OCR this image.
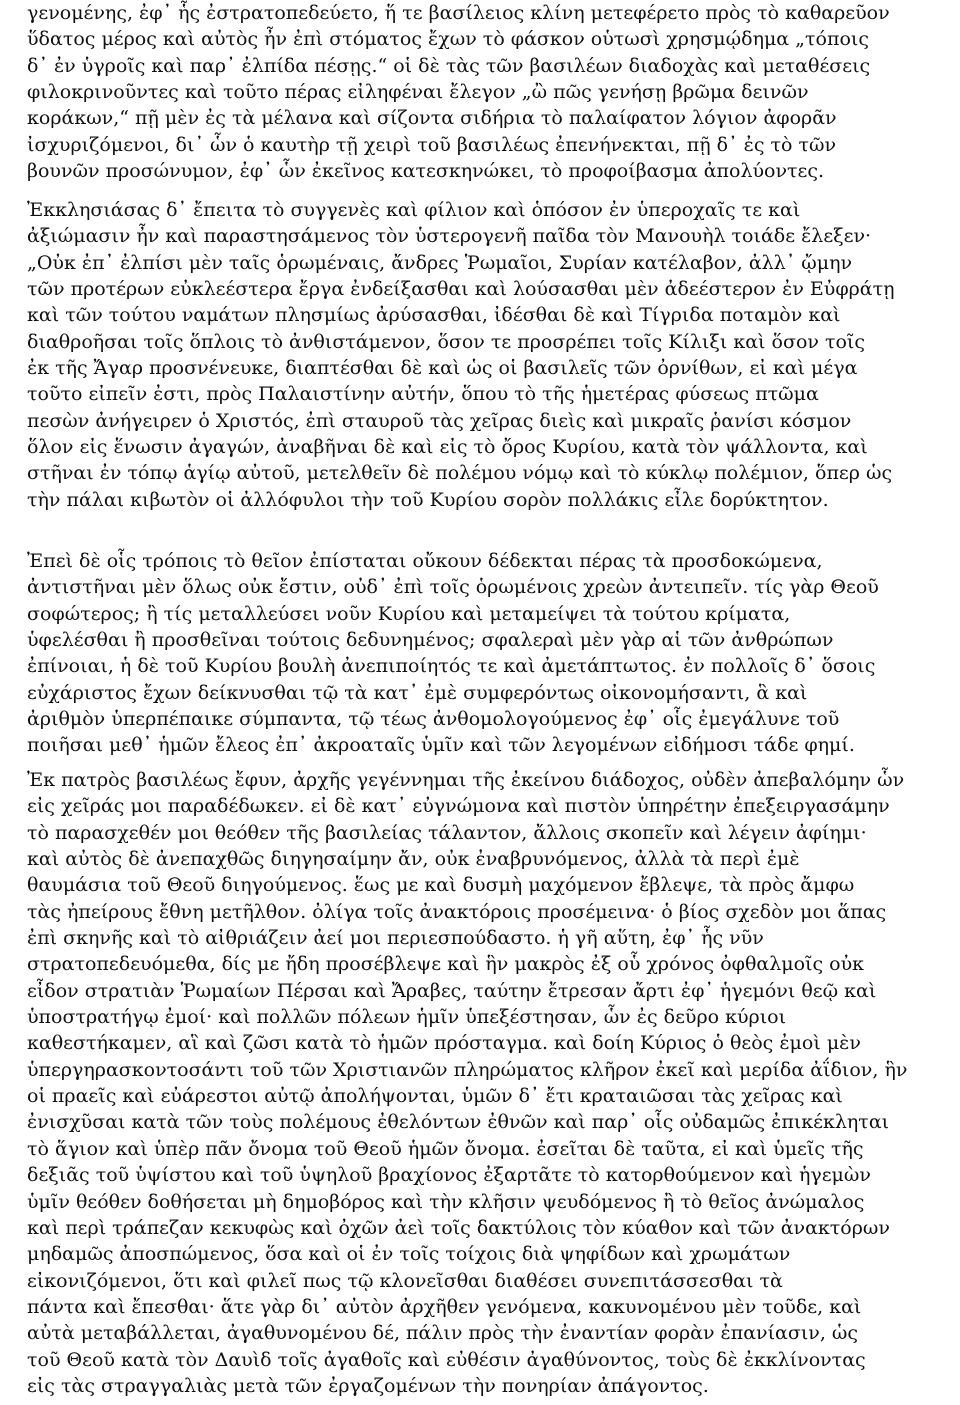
γενομένης, ἐφ᾽ ἧς ἐστρατοπεδεύετο, ἥ τε βασίλειος κλίνη μετεφέρετο πρὸς τὸ καθαρεῦον
ὕδατος μέρος καὶ αὐτὸς ἦν ἐπὶ στόματος ἔχων τὸ φάσκον οὑτωσὶ χρησμῴδημα „τόποις
δ᾽ ἐν ὑγροῖς καὶ παρ᾽ ἐλπίδα πέσῃς.“ οἱ δὲ τὰς τῶν βασιλέων διαδοχὰς καὶ μεταθέσεις
φιλοκρινοῦντες καὶ τοῦτο πέρας εἰληφέναι ἔλεγον „ὢ πῶς γενήσῃ βρῶμα δεινῶν
κοράκων,“ πῇ μὲν ἐς τὰ μέλανα καὶ σίζοντα σιδήρια τὸ παλαίφατον λόγιον ἀφορᾶν
ἰσχυριζόμενοι, δι᾽ ὧν ὁ καυτὴρ τῇ χειρὶ τοῦ βασιλέως ἐπενήνεκται, πῇ δ᾽ ἐς τὸ τῶν
βουνῶν προσώνυμον, ἐφ᾽ ὧν ἐκεῖνος κατεσκηνώκει, τὸ προφοίβασμα ἀπολύοντες.
Ἐκκλησιάσας δ᾽ ἔπειτα τὸ συγγενὲς καὶ φίλιον καὶ ὁπόσον ἐν ὑπεροχαῖς τε καὶ
ἀξιώμασιν ἦν καὶ παραστησάμενος τὸν ὑστερογενῆ παῖδα τὸν Μανουὴλ τοιάδε ἔλεξεν·
„Οὐκ ἐπ᾽ ἐλπίσι μὲν ταῖς ὁρωμέναις, ἄνδρες Ῥωμαῖοι, Συρίαν κατέλαβον, ἀλλ᾽ ᾤμην
τῶν προτέρων εὐκλεέστερα ἔργα ἐνδείξασθαι καὶ λούσασθαι μὲν ἀδεέστερον ἐν Εὐφράτῃ
καὶ τῶν τούτου ναμάτων πλησμίως ἀρύσασθαι, ἰδέσθαι δὲ καὶ Τίγριδα ποταμὸν καὶ
διαθροῆσαι τοῖς ὅπλοις τὸ ἀνθιστάμενον, ὅσον τε προσρέπει τοῖς Κίλιξι καὶ ὅσον τοῖς
ἐκ τῆς Ἄγαρ προσνένευκε, διαπτέσθαι δὲ καὶ ὡς οἱ βασιλεῖς τῶν ὀρνίθων, εἰ καὶ μέγα
τοῦτο εἰπεῖν ἐστι, πρὸς Παλαιστίνην αὐτήν, ὅπου τὸ τῆς ἡμετέρας φύσεως πτῶμα
πεσὼν ἀνήγειρεν ὁ Χριστός, ἐπὶ σταυροῦ τὰς χεῖρας διεὶς καὶ μικραῖς ῥανίσι κόσμον
ὅλον εἰς ἕνωσιν ἀγαγών, ἀναβῆναι δὲ καὶ εἰς τὸ ὄρος Κυρίου, κατὰ τὸν ψάλλοντα, καὶ
στῆναι ἐν τόπῳ ἁγίῳ αὐτοῦ, μετελθεῖν δὲ πολέμου νόμῳ καὶ τὸ κύκλῳ πολέμιον, ὅπερ ὡς
τὴν πάλαι κιβωτὸν οἱ ἀλλόφυλοι τὴν τοῦ Κυρίου σορὸν πολλάκις εἶλε δορύκτητον.
Ἐπεὶ δὲ οἷς τρόποις τὸ θεῖον ἐπίσταται οὔκουν δέδεκται πέρας τὰ προσδοκώμενα,
ἀντιστῆναι μὲν ὅλως οὐκ ἔστιν, οὐδ᾽ ἐπὶ τοῖς ὁρωμένοις χρεὼν ἀντειπεῖν. τίς γὰρ Θεοῦ
σοφώτερος; ἢ τίς μεταλλεύσει νοῦν Κυρίου καὶ μεταμείψει τὰ τούτου κρίματα,
ὑφελέσθαι ἢ προσθεῖναι τούτοις δεδυνημένος; σφαλεραὶ μὲν γὰρ αἱ τῶν ἀνθρώπων
ἐπίνοιαι, ἡ δὲ τοῦ Κυρίου βουλὴ ἀνεπιποίητός τε καὶ ἀμετάπτωτος. ἐν πολλοῖς δ᾽ ὅσοις
εὐχάριστος ἔχων δείκνυσθαι τῷ τὰ κατ᾽ ἐμὲ συμφερόντως οἰκονομήσαντι, ἃ καὶ
ἀριθμὸν ὑπερπέπαικε σύμπαντα, τῷ τέως ἀνθομολογούμενος ἐφ᾽ οἷς ἐμεγάλυνε τοῦ
ποιῆσαι μεθ᾽ ἡμῶν ἔλεος ἐπ᾽ ἀκροαταῖς ὑμῖν καὶ τῶν λεγομένων εἰδήμοσι τάδε φημί.
Ἐκ πατρὸς βασιλέως ἔφυν, ἀρχῆς γεγέννημαι τῆς ἐκείνου διάδοχος, οὐδὲν ἀπεβαλόμην ὧν
εἰς χεῖράς μοι παραδέδωκεν. εἰ δὲ κατ᾽ εὐγνώμονα καὶ πιστὸν ὑπηρέτην ἐπεξειργασάμην
τὸ παρασχεθέν μοι θεόθεν τῆς βασιλείας τάλαντον, ἄλλοις σκοπεῖν καὶ λέγειν ἀφίημι·
καὶ αὐτὸς δὲ ἀνεπαχθῶς διηγησαίμην ἄν, οὐκ ἐναβρυνόμενος, ἀλλὰ τὰ περὶ ἐμὲ
θαυμάσια τοῦ Θεοῦ διηγούμενος. ἕως με καὶ δυσμὴ μαχόμενον ἔβλεψε, τὰ πρὸς ἄμφω
τὰς ἠπείρους ἔθνη μετῆλθον. ὀλίγα τοῖς ἀνακτόροις προσέμεινα· ὁ βίος σχεδὸν μοι ἅπας
ἐπὶ σκηνῆς καὶ τὸ αἰθριάζειν ἀεί μοι περιεσπούδαστο. ἡ γῆ αὕτη, ἐφ᾽ ἧς νῦν
στρατοπεδευόμεθα, δίς με ἤδη προσέβλεψε καὶ ἣν μακρὸς ἐξ οὗ χρόνος ὀφθαλμοῖς οὐκ
εἶδον στρατιὰν Ῥωμαίων Πέρσαι καὶ Ἄραβες, ταύτην ἔτρεσαν ἄρτι ἐφ᾽ ἡγεμόνι θεῷ καὶ
ὑποστρατήγῳ ἐμοί· καὶ πολλῶν πόλεων ἡμῖν ὑπεξέστησαν, ὧν ἐς δεῦρο κύριοι
καθεστήκαμεν, αἳ καὶ ζῶσι κατὰ τὸ ἡμῶν πρόσταγμα. καὶ δοίη Κύριος ὁ θεὸς ἐμοὶ μὲν
ὑπεργηρασκοντοσάντι τοῦ τῶν Χριστιανῶν πληρώματος κλῆρον ἐκεῖ καὶ μερίδα ἀΐδιον, ἣν
οἱ πραεῖς καὶ εὐάρεστοι αὐτῷ ἀπολήψονται, ὑμῶν δ᾽ ἔτι κραταιῶσαι τὰς χεῖρας καὶ
ἐνισχῦσαι κατὰ τῶν τοὺς πολέμους ἐθελόντων ἐθνῶν καὶ παρ᾽ οἷς οὐδαμῶς ἐπικέκληται
τὸ ἅγιον καὶ ὑπὲρ πᾶν ὄνομα τοῦ Θεοῦ ἡμῶν ὄνομα. ἐσεῖται δὲ ταῦτα, εἰ καὶ ὑμεῖς τῆς
δεξιᾶς τοῦ ὑψίστου καὶ τοῦ ὑψηλοῦ βραχίονος ἐξαρτᾶτε τὸ κατορθούμενον καὶ ἡγεμὼν
ὑμῖν θεόθεν δοθήσεται μὴ δημοβόρος καὶ τὴν κλῆσιν ψευδόμενος ἢ τὸ θεῖος ἀνώμαλος
καὶ περὶ τράπεζαν κεκυφὼς καὶ ὀχῶν ἀεὶ τοῖς δακτύλοις τὸν κύαθον καὶ τῶν ἀνακτόρων
μηδαμῶς ἀποσπώμενος, ὅσα καὶ οἱ ἐν τοῖς τοίχοις διὰ ψηφίδων καὶ χρωμάτων
εἰκονιζόμενοι, ὅτι καὶ φιλεῖ πως τῷ κλονεῖσθαι διαθέσει συνεπιτάσσεσθαι τὰ
πάντα καὶ ἔπεσθαι· ἅτε γὰρ δι᾽ αὐτὸν ἀρχῆθεν γενόμενα, κακυνομένου μὲν τοῦδε, καὶ
αὐτὰ μεταβάλλεται, ἀγαθυνομένου δέ, πάλιν πρὸς τὴν ἐναντίαν φορὰν ἐπανίασιν, ὡς
τοῦ Θεοῦ κατὰ τὸν Δαυὶδ τοῖς ἀγαθοῖς καὶ εὐθέσιν ἀγαθύνοντος, τοὺς δὲ ἐκκλίνοντας
εἰς τὰς στραγγαλιὰς μετὰ τῶν ἐργαζομένων τὴν πονηρίαν ἀπάγοντος.
